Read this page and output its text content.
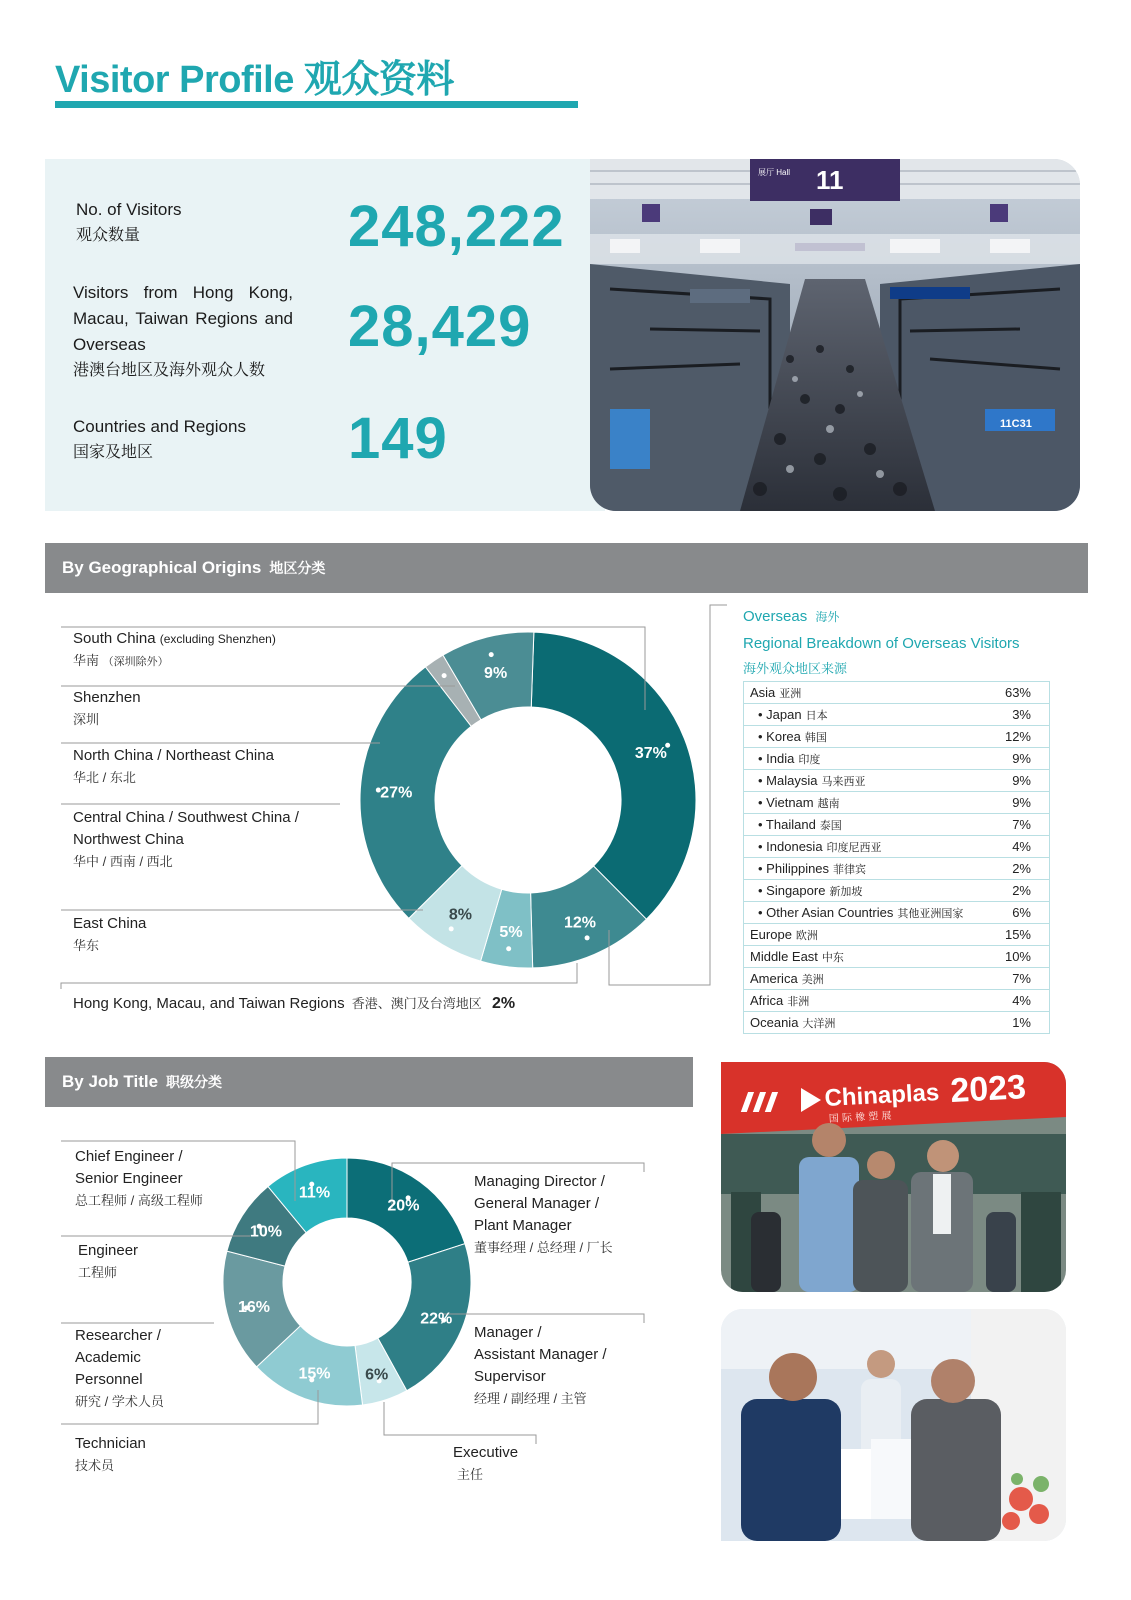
Visitor Profile 观众资料
No. of Visitors
观众数量	248,222
Visitors from Hong Kong, Macau, Taiwan Regions and Overseas
港澳台地区及海外观众人数
28,429
Countries and Regions
国家及地区	149
展厅 Hall 11
11C31
By Geographical Origins 地区分类
37%
12%
5%
8%
27%
9%
South China (excluding Shenzhen)
华南 （深圳除外）
Shenzhen
深圳
North China / Northeast China
华北 / 东北
Central China / Southwest China /
Northwest China
华中 / 西南 / 西北
East China
华东
Hong Kong, Macau, and Taiwan Regions 香港、澳门及台湾地区 2%
Overseas 海外
Regional Breakdown of Overseas Visitors
海外观众地区来源
Asia 亚洲	63%
• Japan 日本	3%
• Korea 韩国	12%
• India 印度	9%
• Malaysia 马来西亚	9%
• Vietnam 越南	9%
• Thailand 泰国	7%
• Indonesia 印度尼西亚	4%
• Philippines 菲律宾	2%
• Singapore 新加坡	2%
• Other Asian Countries 其他亚洲国家	6%
Europe 欧洲	15%
Middle East 中东	10%
America 美洲	7%
Africa 非洲	4%
Oceania 大洋洲	1%
By Job Title 职级分类
20%
22%
6%
15%
16%
10%
11%
Chief Engineer /
Senior Engineer
总工程师 / 高级工程师
Engineer
工程师
Researcher /
Academic
Personnel
研究 / 学术人员
Technician
技术员
Managing Director /
General Manager /
Plant Manager
董事经理 / 总经理 / 厂长
Manager /
Assistant Manager /
Supervisor
经理 / 副经理 / 主管
Executive
主任
Chinaplas 2023
国 际 橡 塑 展
